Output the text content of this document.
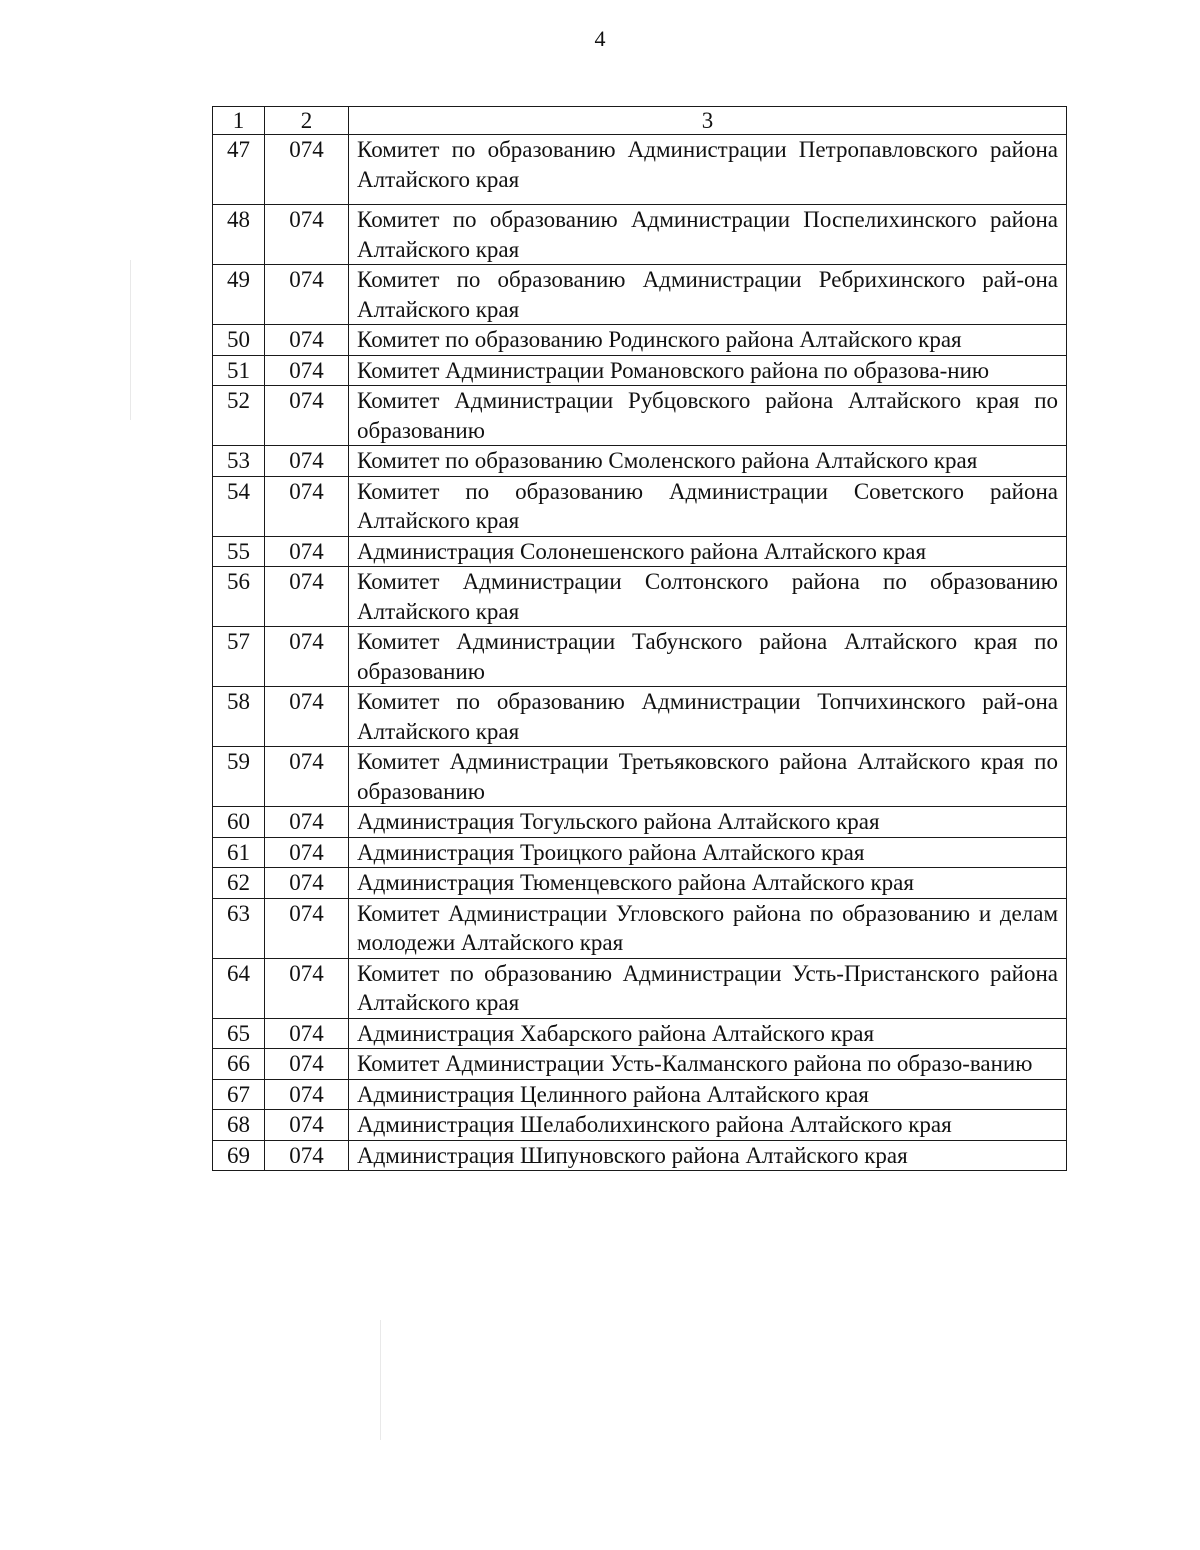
4
1	2	3
47	074	Комитет по образованию Администрации Петропавловского района Алтайского края
48	074	Комитет по образованию Администрации Поспелихинского района Алтайского края
49	074	Комитет по образованию Администрации Ребрихинского рай-она Алтайского края
50	074	Комитет по образованию Родинского района Алтайского края
51	074	Комитет Администрации Романовского района по образова-нию
52	074	Комитет Администрации Рубцовского района Алтайского края по образованию
53	074	Комитет по образованию Смоленского района Алтайского края
54	074	Комитет по образованию Администрации Советского района Алтайского края
55	074	Администрация Солонешенского района Алтайского края
56	074	Комитет Администрации Солтонского района по образованию Алтайского края
57	074	Комитет Администрации Табунского района Алтайского края по образованию
58	074	Комитет по образованию Администрации Топчихинского рай-она Алтайского края
59	074	Комитет Администрации Третьяковского района Алтайского края по образованию
60	074	Администрация Тогульского района Алтайского края
61	074	Администрация Троицкого района Алтайского края
62	074	Администрация Тюменцевского района Алтайского края
63	074	Комитет Администрации Угловского района по образованию и делам молодежи Алтайского края
64	074	Комитет по образованию Администрации Усть-Пристанского района Алтайского края
65	074	Администрация Хабарского района Алтайского края
66	074	Комитет Администрации Усть-Калманского района по образо-ванию
67	074	Администрация Целинного района Алтайского края
68	074	Администрация Шелаболихинского района Алтайского края
69	074	Администрация Шипуновского района Алтайского края
